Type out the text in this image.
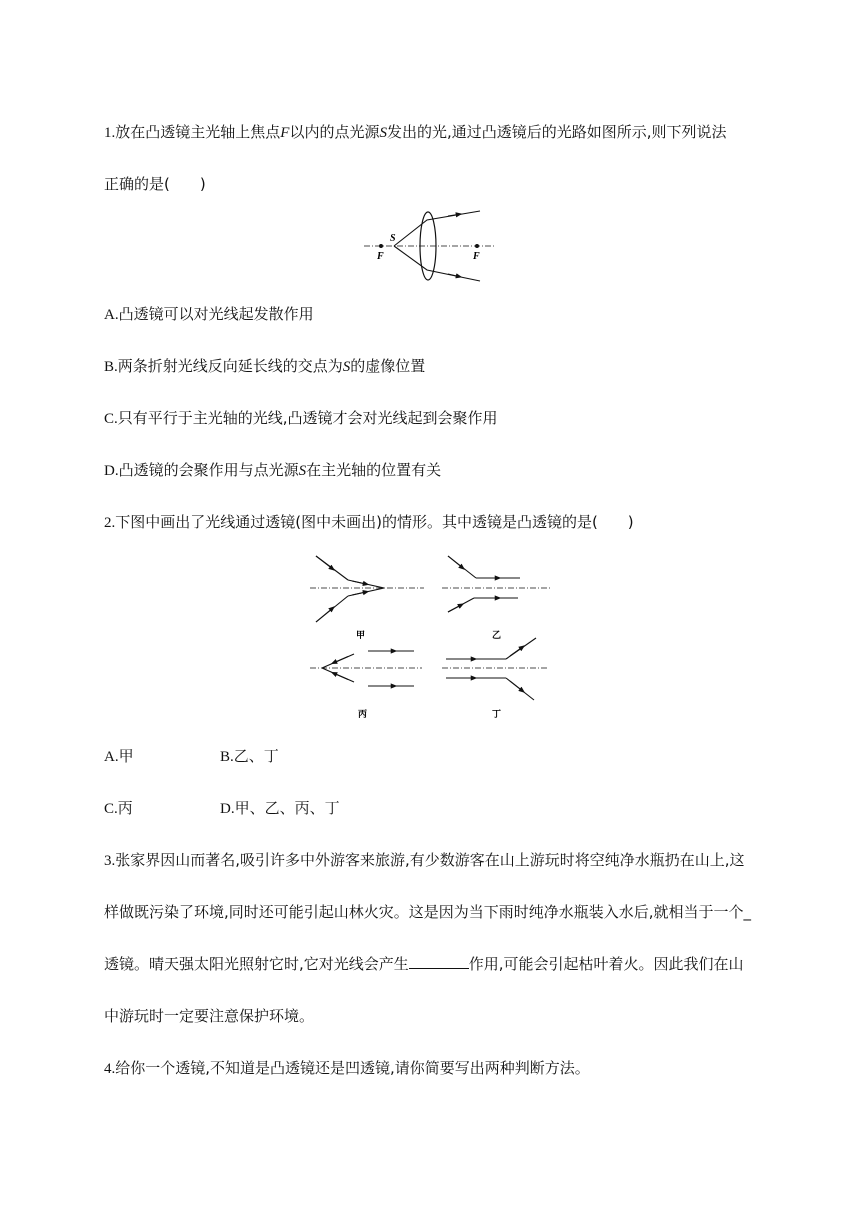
1.放在凸透镜主光轴上焦点F以内的点光源S发出的光,通过凸透镜后的光路如图所示,则下列说法
正确的是(　　)
S
F	F
A.凸透镜可以对光线起发散作用
B.两条折射光线反向延长线的交点为S的虚像位置
C.只有平行于主光轴的光线,凸透镜才会对光线起到会聚作用
D.凸透镜的会聚作用与点光源S在主光轴的位置有关
2.下图中画出了光线通过透镜(图中未画出)的情形。其中透镜是凸透镜的是(　　)
甲	乙
丙	丁
A.甲	B.乙、丁
C.丙	D.甲、乙、丙、丁
3.张家界因山而著名,吸引许多中外游客来旅游,有少数游客在山上游玩时将空纯净水瓶扔在山上,这
样做既污染了环境,同时还可能引起山林火灾。这是因为当下雨时纯净水瓶装入水后,就相当于一个_
透镜。晴天强太阳光照射它时,它对光线会产生	作用,可能会引起枯叶着火。因此我们在山
中游玩时一定要注意保护环境。
4.给你一个透镜,不知道是凸透镜还是凹透镜,请你简要写出两种判断方法。
